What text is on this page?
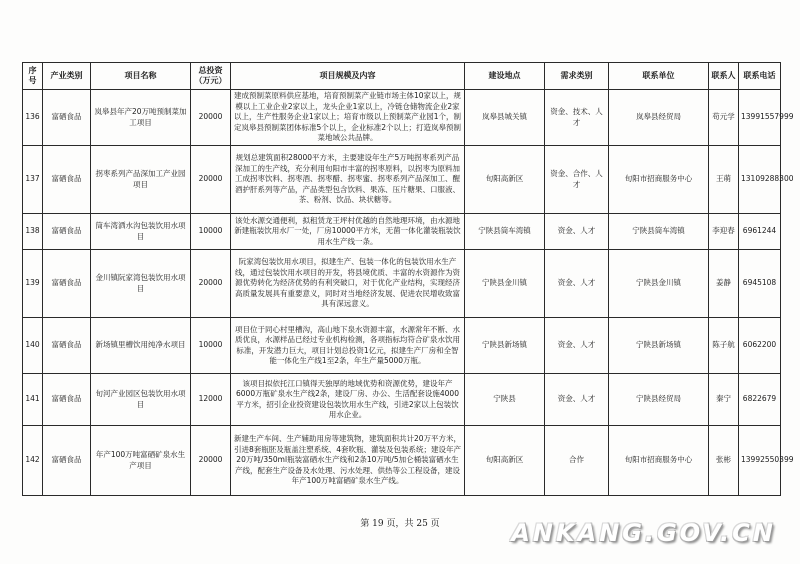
序号	产业类别	项目名称	总投资（万元）	项目规模及内容	建设地点	需求类别	联系单位	联系人	联系电话
136	富硒食品	岚皋县年产20万吨预制菜加工项目	20000	建成预制菜原料供应基地，培育预制菜产业链市场主体10家以上，规模以上工业企业2家以上，龙头企业1家以上，冷链仓储物流企业2家以上，生产性服务企业1家以上；培育市级以上预制菜产业园1个，制定岚皋县预制菜团体标准5个以上，企业标准2个以上；打造岚皋预制菜地域公共品牌。	岚皋县城关镇	资金、技术、人才	岚皋县经贸局	苟元学	13991557999
137	富硒食品	拐枣系列产品深加工产业园项目	20000	规划总建筑面积28000平方米，主要建设年生产5万吨拐枣系列产品深加工的生产线，充分利用旬阳市丰富的拐枣原料，以拐枣为原料加工成拐枣饮料、拐枣酒、拐枣醋、拐枣蜜、拐枣系列产品深加工、醒酒护肝系列等产品，产品类型包含饮料、果冻、压片糖果、口服液、茶、粉剂、饮品、块状糖等。	旬阳高新区	资金、合作、人才	旬阳市招商服务中心	王萌	13109288300
138	富硒食品	筒车湾洒水沟包装饮用水项目	10000	该处水源交通便利，拟租赁龙王坪村优越的自然地理环境，由水源地新建瓶装饮用水厂一处，厂房10000平方米，无菌一体化灌装瓶装饮用水生产线一条。	宁陕县筒车湾镇	资金、人才	宁陕县筒车湾镇	李迎春	6961244
139	富硒食品	金川镇阮家湾包装饮用水项目	20000	阮家湾包装饮用水项目，拟建生产、包装一体化的包装饮用水生产线，通过包装饮用水项目的开发，将县境优质、丰富的水资源作为资源优势转化为经济优势的有利突破口，对于优化产业结构，实现经济高质量发展具有重要意义，同时对当地经济发展、促进农民增收致富具有深远意义。	宁陕县金川镇	资金、人才	宁陕县金川镇	姜静	6945108
140	富硒食品	新场镇里槽饮用纯净水项目	10000	项目位于同心村里槽沟，高山地下泉水资源丰富，水源常年不断、水质优良，水源样品已经过专业机构检测，各项指标均符合矿泉水饮用标准，开发潜力巨大，项目计划总投资1亿元，拟建生产厂房和全智能一体化生产线1至2条，年生产量5000万瓶。	宁陕县新场镇	资金、人才	宁陕县新场镇	陈子航	6062200
141	富硒食品	旬河产业园区包装饮用水项目	12000	该项目拟依托江口镇得天独厚的地域优势和资源优势，建设年产6000万瓶矿泉水生产线2条，建设厂房、办公、生活配套设施4000平方米，招引企业投资建设包装饮用水生产线，引进2家以上包装饮用水企业。	宁陕县	资金、人才	宁陕县经贸局	秦宁	6822679
142	富硒食品	年产100万吨富硒矿泉水生产项目	20000	新建生产车间、生产辅助用房等建筑物，建筑面积共计20万平方米，引进8套瓶胚及瓶盖注塑系统、4套吹瓶、灌装及包装系统；建设年产20万吨/350ml瓶装富硒水生产线和2条10万吨/5加仑桶装富硒水生产线，配套生产设备及水处理、污水处理、供热等公工程设备，建设年产100万吨富硒矿泉水生产线。	旬阳高新区	合作	旬阳市招商服务中心	张彬	13992550399
第 19 页，共 25 页	ANKANG.GOV.CN
